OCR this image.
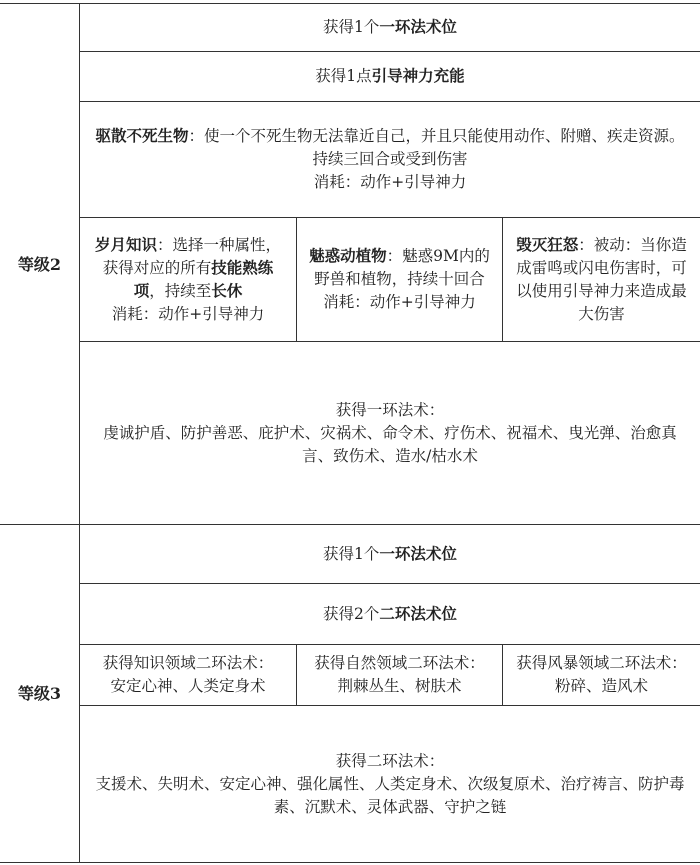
等级2
获得1个一环法术位
获得1点引导神力充能
驱散不死生物：使一个不死生物无法靠近自己，并且只能使用动作、附赠、疾走资源。持续三回合或受到伤害
消耗：动作+引导神力
岁月知识：选择一种属性，获得对应的所有技能熟练项，持续至长休
消耗：动作+引导神力
魅惑动植物：魅惑9M内的野兽和植物，持续十回合
消耗：动作+引导神力
毁灭狂怒：被动：当你造成雷鸣或闪电伤害时，可以使用引导神力来造成最大伤害
获得一环法术：
虔诚护盾、防护善恶、庇护术、灾祸术、命令术、疗伤术、祝福术、曳光弹、治愈真言、致伤术、造水/枯水术
等级3
获得1个一环法术位
获得2个二环法术位
获得知识领域二环法术：
安定心神、人类定身术
获得自然领域二环法术：
荆棘丛生、树肤术
获得风暴领域二环法术：
粉碎、造风术
获得二环法术：
支援术、失明术、安定心神、强化属性、人类定身术、次级复原术、治疗祷言、防护毒素、沉默术、灵体武器、守护之链
